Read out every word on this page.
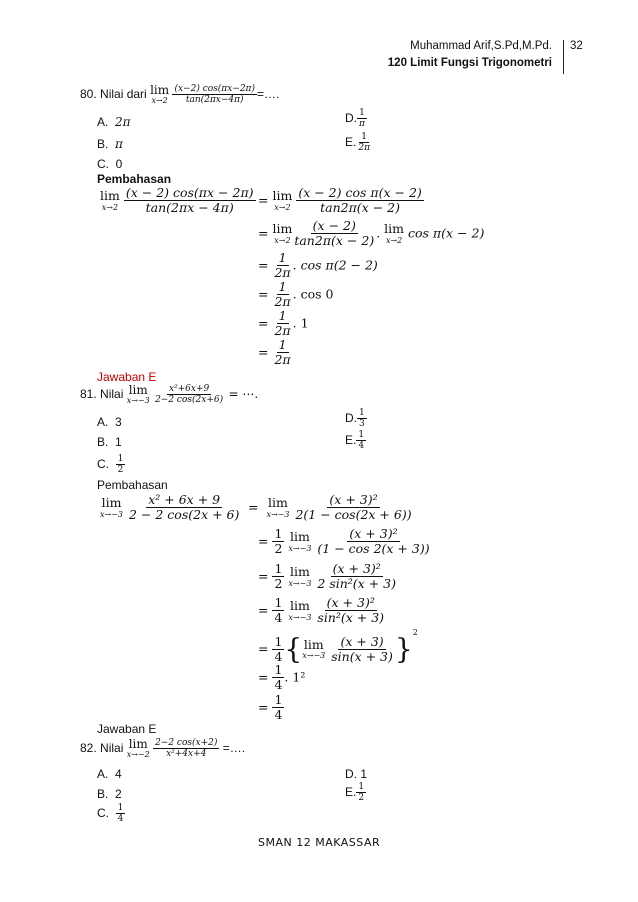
Muhammad Arif,S.Pd,M.Pd.
120 Limit Fungsi Trigonometri
32
80. Nilai dari lim
x→2
$\frac{(x-2) \cos(\pi x-2\pi)}{\tan(2\pi x-4\pi)}$ =….
A. 2π
B. π
C. 0
D. $\frac{1}{\pi}$
E. $\frac{1}{2\pi}$
Pembahasan
lim
x→2
$\frac{(x - 2) \cos(\pi x - 2\pi)}{\tan(2\pi x - 4\pi)} = \lim$
x→2
$\frac{\text{(x − 2) cos π(x − 2)}}{\tan 2\pi(x - 2)}$
= lim
$x\to 2 \frac{(x - 2)}{\tan 2\pi(x - 2)}$ . lim
x→2 cos π(x − 2)
= $\frac{1}{2\pi}$ . cos π(2 − 2)
= $\frac{1}{2\pi}$ . cos 0
= $\frac{1}{2\pi}$ . 1
= $\frac{1}{2\pi}$
Jawaban E
81. Nilai lim
x→−3
$\frac{\text{x²+6x+9}}{2-2 \cos(2x+6)}$ = ⋯.
A. 3
B. 1
C. $\frac{1}{2}$
D. $\frac{1}{3}$
E. $\frac{1}{4}$
Pembahasan
lim
x→−3
$\frac{\text{x² + 6x + 9}}{2 - 2 \cos(2x + 6)} = \lim$
x→−3
$\frac{\text{(x + 3)²}}{2(1 - \cos(2x + 6))}$
= $\frac{1}{2}$
lim
x→−3
$\frac{\text{(x + 3)²}}{(1 - \cos 2(x + 3))}$
= $\frac{1}{2}$
lim
x→−3
$\frac{\text{(x + 3)²}}{\text{2 sin²(x + 3)}}$
= $\frac{1}{4}$
lim
x→−3
$\frac{\text{(x + 3)²}}{\text{sin²(x + 3)}}$
= $\frac{1}{4}$ { lim
x→−3
$\frac{(x + 3)}{\sin(x + 3)} \}^2$
= $\frac{1}{4}$ . 1²
= $\frac{1}{4}$
Jawaban E
82. Nilai lim
x→−2
$\frac{2-2 \cos(x+2)}{\text{x²+4x+4}}$ =….
A. 4
B. 2
C. $\frac{1}{4}$
D. 1
E. $\frac{1}{2}$
SMAN 12 MAKASSAR
